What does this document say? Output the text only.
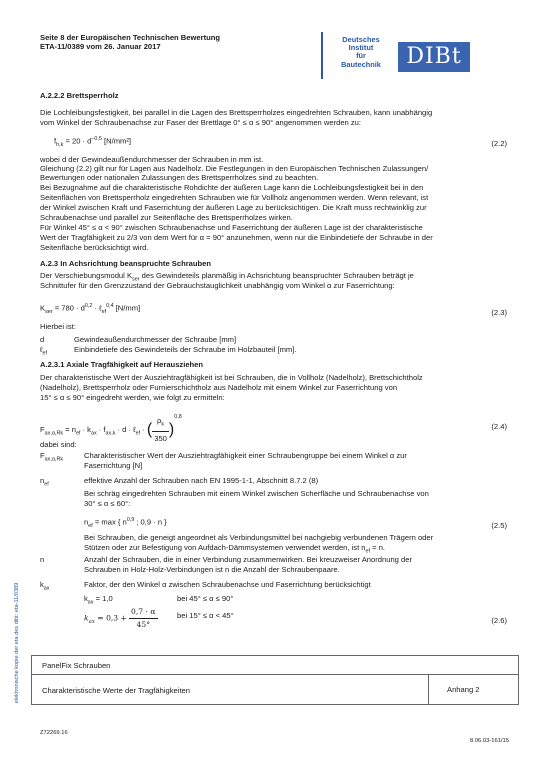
Seite 8 der Europäischen Technischen Bewertung
ETA-11/0389 vom 26. Januar 2017
Deutsches
Institut
für
Bautechnik	DIBt
elektronische kopie der eta des dibt: eta-11/0389
A.2.2.2 Brettsperrholz
Die Lochleibungsfestigkeit, bei parallel in die Lagen des Brettsperrholzes eingedrehten Schrauben, kann unabhängig
vom Winkel der Schraubenachse zur Faser der Brettlage 0° ≤ α ≤ 90° angenommen werden zu:
$f_{h,k} = 20 \cdot d^{-0,5}$ [N/mm²]	(2.2)
wobei d der Gewindeaußendurchmesser der Schrauben in mm ist.
Gleichung (2.2) gilt nur für Lagen aus Nadelholz. Die Festlegungen in den Europäischen Technischen Zulassungen/
Bewertungen oder nationalen Zulassungen des Brettsperrholzes sind zu beachten.
Bei Bezugnahme auf die charakteristische Rohdichte der äußeren Lage kann die Lochleibungsfestigkeit bei in den
Seitenflächen von Brettsperrholz eingedrehten Schrauben wie für Vollholz angenommen werden. Wenn relevant, ist
der Winkel zwischen Kraft und Faserrichtung der äußeren Lage zu berücksichtigen. Die Kraft muss rechtwinklig zur
Schraubenachse und parallel zur Seitenfläche des Brettsperrholzes wirken.
Für Winkel 45° ≤ α < 90° zwischen Schraubenachse und Faserrichtung der äußeren Lage ist der charakteristische
Wert der Tragfähigkeit zu 2/3 von dem Wert für α = 90° anzunehmen, wenn nur die Einbindetiefe der Schraube in der
Seitenfläche berücksichtigt wird.
A.2.3 In Achsrichtung beanspruchte Schrauben
Der Verschiebungsmodul $K_{ser}$ des Gewindeteils planmäßig in Achsrichtung beanspruchter Schrauben beträgt je
Schnittufer für den Grenzzustand der Gebrauchstauglichkeit unabhängig vom Winkel α zur Faserrichtung:
$K_{ser} = 780 \cdot d^{0,2}$ · ℓ$_{ef}^{0,4}$ [N/mm]	(2.3)
Hierbei ist:
d	Gewindeaußendurchmesser der Schraube [mm]
ℓ$_{ef}$	Einbindetiefe des Gewindeteils der Schraube im Holzbauteil [mm].
A.2.3.1 Axiale Tragfähigkeit auf Herausziehen
Der charakteristische Wert der Ausziehtragfähigkeit ist bei Schrauben, die in Vollholz (Nadelholz), Brettschichtholz
(Nadelholz), Brettsperrholz oder Furnierschichtholz aus Nadelholz mit einem Winkel zur Faserrichtung von
15° ≤ α ≤ 90° eingedreht werden, wie folgt zu ermitteln:
$F_{ax,\alpha,Rk} = n_{ef} \cdot k_{ax} \cdot f_{ax,k} \cdot d$ · ℓ$_{ef}$ · ( $\frac{\rho_k}{350} )^{0,8}$
(2.4)
dabei sind:
$F_{ax,\alpha,Rk}$	Charakteristischer Wert der Ausziehtragfähigkeit einer Schraubengruppe bei einem Winkel α zur
Faserrichtung [N]
$n_{ef}$	effektive Anzahl der Schrauben nach EN 1995-1-1, Abschnitt 8.7.2 (8)
Bei schräg eingedrehten Schrauben mit einem Winkel zwischen Scherfläche und Schraubenachse von
30° ≤ α ≤ 60°:
$n_{ef} = \max$ { $n^{0,9}$ ; 0,9 · n }	(2.5)
Bei Schrauben, die geneigt angeordnet als Verbindungsmittel bei nachgiebig verbundenen Trägern oder
Stützen oder zur Befestigung von Aufdach-Dämmsystemen verwendet werden, ist $n_{ef} = n$.
n	Anzahl der Schrauben, die in einer Verbindung zusammenwirken. Bei kreuzweiser Anordnung der
Schrauben in Holz-Holz-Verbindungen ist n die Anzahl der Schraubenpaare.
$k_{ax}$	Faktor, der den Winkel α zwischen Schraubenachse und Faserrichtung berücksichtigt
$k_{ax} = 1,0$	bei 45° ≤ α ≤ 90°
$k_{ax} = 0,3 + \frac{0,7 \cdot \alpha}{45^\circ}$	bei 15° ≤ α < 45°
(2.6)
PanelFix Schrauben
Charakteristische Werte der Tragfähigkeiten	Anhang 2
Z72269.16
8.06.03-161/15
